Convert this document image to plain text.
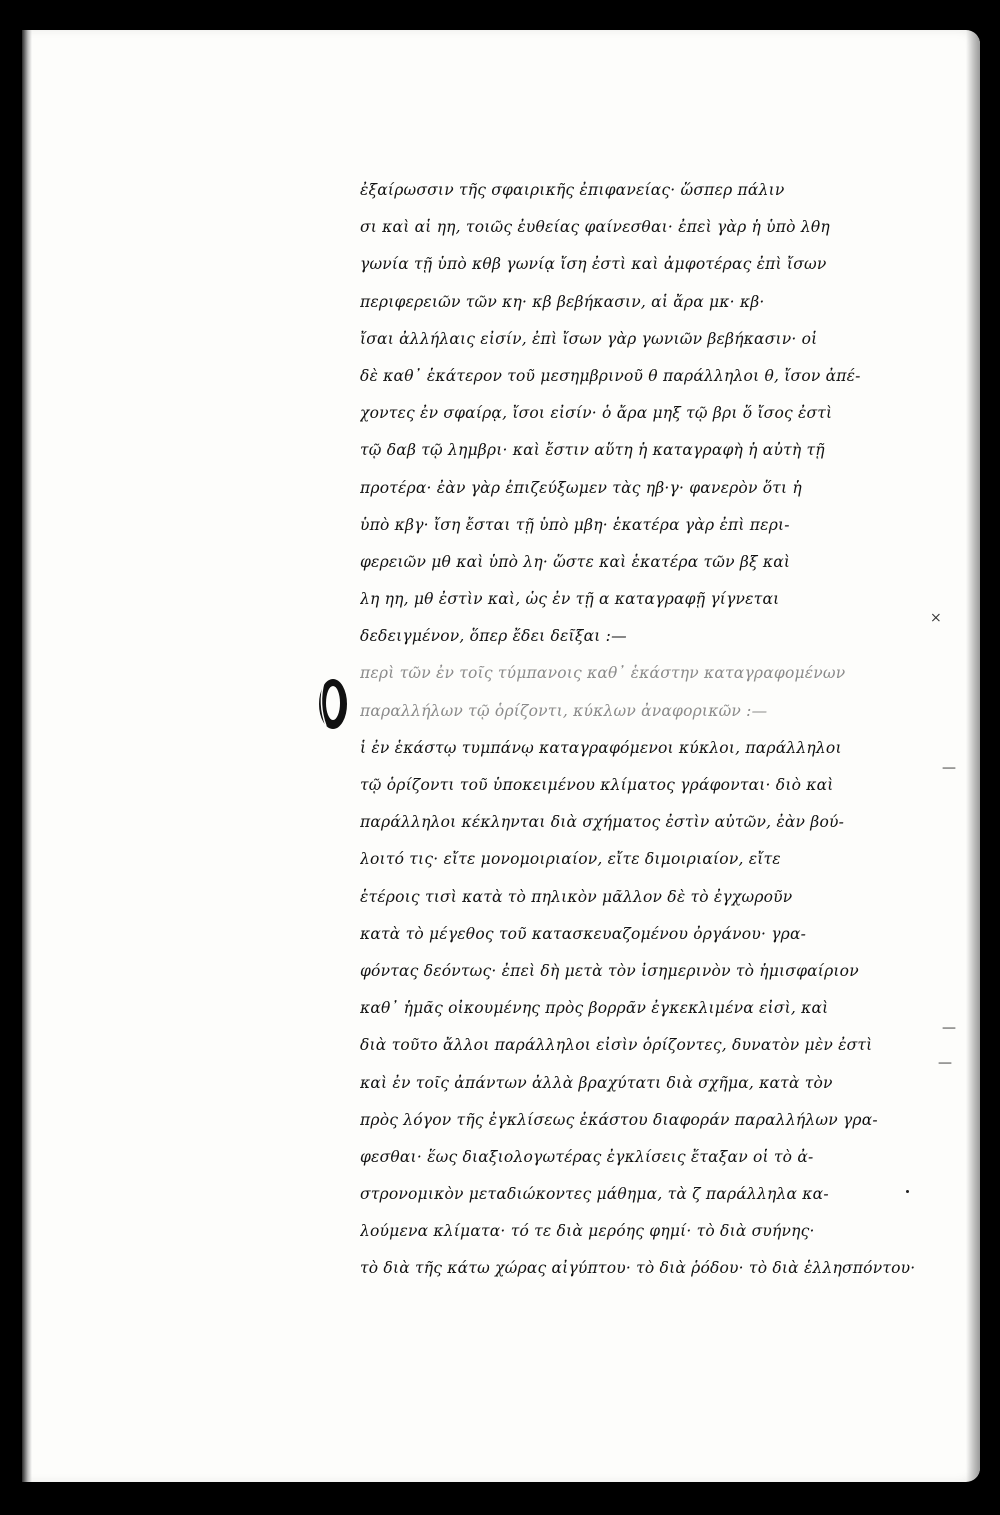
ἐξαίρωσσιν τῆς σφαιρικῆς ἐπιφανείας· ὥσπερ πάλιν
σι καὶ αἱ ηη, τοιῶς ἐυθείας φαίνεσθαι· ἐπεὶ γὰρ ἡ ὑπὸ λθη
γωνία τῇ ὑπὸ κθβ γωνίᾳ ἴση ἐστὶ καὶ ἀμφοτέρας ἐπὶ ἴσων
περιφερειῶν τῶν κη· κβ βεβήκασιν, αἱ ἄρα μκ· κβ·
ἴσαι ἀλλήλαις εἰσίν, ἐπὶ ἴσων γὰρ γωνιῶν βεβήκασιν· οἱ
δὲ καθ᾽ ἑκάτερον τοῦ μεσημβρινοῦ θ παράλληλοι θ, ἴσον ἀπέ-
χοντες ἐν σφαίρᾳ, ἴσοι εἰσίν· ὁ ἄρα μηξ τῷ βρι ὅ ἴσος ἐστὶ
τῷ δαβ τῷ λημβρι· καὶ ἔστιν αὕτη ἡ καταγραφὴ ἡ αὐτὴ τῇ
προτέρα· ἐὰν γὰρ ἐπιζεύξωμεν τὰς ηβ·γ· φανερὸν ὅτι ἡ
ὑπὸ κβγ· ἴση ἔσται τῇ ὑπὸ μβη· ἑκατέρα γὰρ ἐπὶ περι-
φερειῶν μθ καὶ ὑπὸ λη· ὥστε καὶ ἑκατέρα τῶν βξ καὶ
λη ηη, μθ ἐστὶν καὶ, ὡς ἐν τῇ α καταγραφῇ γίγνεται
δεδειγμένον, ὅπερ ἔδει δεῖξαι :—
περὶ τῶν ἐν τοῖς τύμπανοις καθ᾽ ἑκάστην καταγραφομένων
παραλλήλων τῷ ὁρίζοντι, κύκλων ἀναφορικῶν :—
ἱ ἐν ἑκάστῳ τυμπάνῳ καταγραφόμενοι κύκλοι, παράλληλοι
τῷ ὁρίζοντι τοῦ ὑποκειμένου κλίματος γράφονται· διὸ καὶ
παράλληλοι κέκληνται διὰ σχήματος ἐστὶν αὐτῶν, ἐὰν βού-
λοιτό τις· εἴτε μονομοιριαίον, εἴτε διμοιριαίον, εἴτε
ἑτέροις τισὶ κατὰ τὸ πηλικὸν μᾶλλον δὲ τὸ ἐγχωροῦν
κατὰ τὸ μέγεθος τοῦ κατασκευαζομένου ὀργάνου· γρα-
φόντας δεόντως· ἐπεὶ δὴ μετὰ τὸν ἰσημερινὸν τὸ ἡμισφαίριον
καθ᾽ ἡμᾶς οἰκουμένης πρὸς βορρᾶν ἐγκεκλιμένα εἰσὶ, καὶ
διὰ τοῦτο ἄλλοι παράλληλοι εἰσὶν ὁρίζοντες, δυνατὸν μὲν ἐστὶ
καὶ ἐν τοῖς ἀπάντων ἀλλὰ βραχύτατι διὰ σχῆμα, κατὰ τὸν
πρὸς λόγον τῆς ἐγκλίσεως ἑκάστου διαφοράν παραλλήλων γρα-
φεσθαι· ἕως διαξιολογωτέρας ἐγκλίσεις ἔταξαν οἱ τὸ ἀ-
στρονομικὸν μεταδιώκοντες μάθημα, τὰ ζ παράλληλα κα-
λούμενα κλίματα· τό τε διὰ μερόης φημί· τὸ διὰ συήνης·
τὸ διὰ τῆς κάτω χώρας αἰγύπτου· τὸ διὰ ῥόδου· τὸ διὰ ἑλλησπόντου·
×
—
—
—
